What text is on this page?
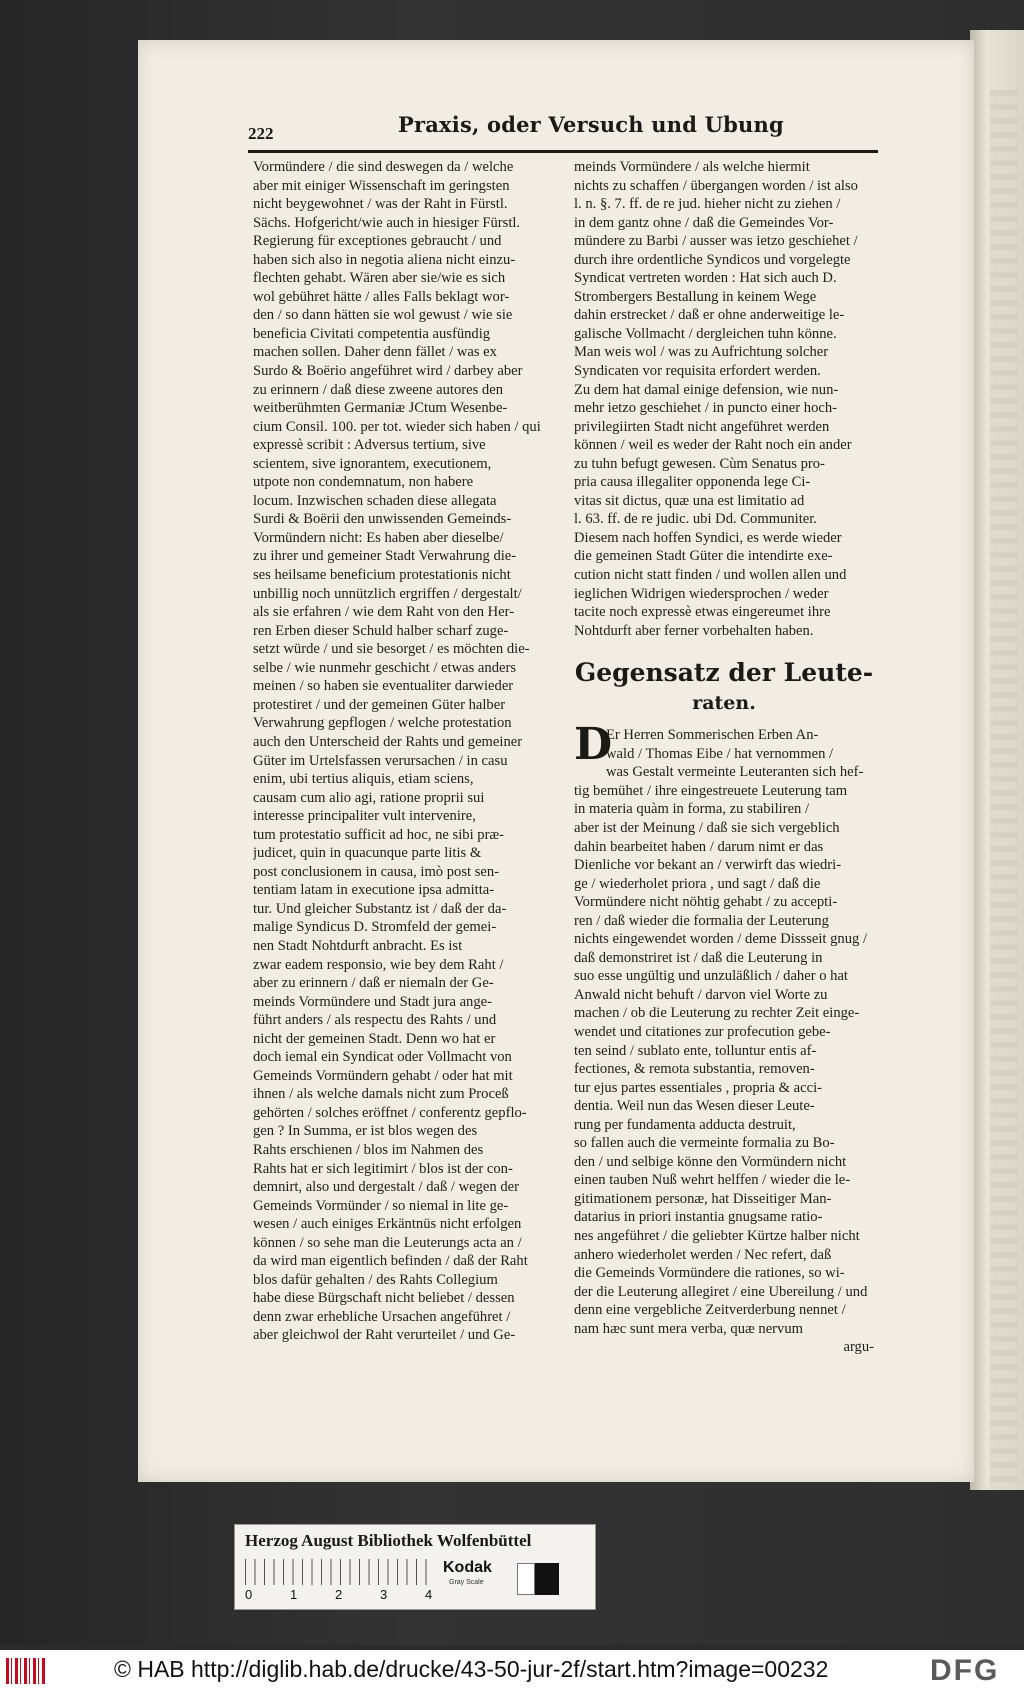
222	Praxis, oder Versuch und Ubung
Vormündere / die sind deswegen da / welche
aber mit einiger Wissenschaft im geringsten
nicht beygewohnet / was der Raht in Fürstl.
Sächs. Hofgericht/wie auch in hiesiger Fürstl.
Regierung für exceptiones gebraucht / und
haben sich also in negotia aliena nicht einzu-
flechten gehabt. Wären aber sie/wie es sich
wol gebühret hätte / alles Falls beklagt wor-
den / so dann hätten sie wol gewust / wie sie
beneficia Civitati competentia ausfündig
machen sollen. Daher denn fället / was ex
Surdo & Boërio angeführet wird / darbey aber
zu erinnern / daß diese zweene autores den
weitberühmten Germaniæ JCtum Wesenbe-
cium Consil. 100. per tot. wieder sich haben / qui
expressè scribit : Adversus tertium, sive
scientem, sive ignorantem, executionem,
utpote non condemnatum, non habere
locum. Inzwischen schaden diese allegata
Surdi & Boërii den unwissenden Gemeinds-
Vormündern nicht: Es haben aber dieselbe/
zu ihrer und gemeiner Stadt Verwahrung die-
ses heilsame beneficium protestationis nicht
unbillig noch unnützlich ergriffen / dergestalt/
als sie erfahren / wie dem Raht von den Her-
ren Erben dieser Schuld halber scharf zuge-
setzt würde / und sie besorget / es möchten die-
selbe / wie nunmehr geschicht / etwas anders
meinen / so haben sie eventualiter darwieder
protestiret / und der gemeinen Güter halber
Verwahrung gepflogen / welche protestation
auch den Unterscheid der Rahts und gemeiner
Güter im Urtelsfassen verursachen / in casu
enim, ubi tertius aliquis, etiam sciens,
causam cum alio agi, ratione proprii sui
interesse principaliter vult intervenire,
tum protestatio sufficit ad hoc, ne sibi præ-
judicet, quin in quacunque parte litis &
post conclusionem in causa, imò post sen-
tentiam latam in executione ipsa admitta-
tur. Und gleicher Substantz ist / daß der da-
malige Syndicus D. Stromfeld der gemei-
nen Stadt Nohtdurft anbracht. Es ist
zwar eadem responsio, wie bey dem Raht /
aber zu erinnern / daß er niemaln der Ge-
meinds Vormündere und Stadt jura ange-
führt anders / als respectu des Rahts / und
nicht der gemeinen Stadt. Denn wo hat er
doch iemal ein Syndicat oder Vollmacht von
Gemeinds Vormündern gehabt / oder hat mit
ihnen / als welche damals nicht zum Proceß
gehörten / solches eröffnet / conferentz gepflo-
gen ? In Summa, er ist blos wegen des
Rahts erschienen / blos im Nahmen des
Rahts hat er sich legitimirt / blos ist der con-
demnirt, also und dergestalt / daß / wegen der
Gemeinds Vormünder / so niemal in lite ge-
wesen / auch einiges Erkäntnüs nicht erfolgen
können / so sehe man die Leuterungs acta an /
da wird man eigentlich befinden / daß der Raht
blos dafür gehalten / des Rahts Collegium
habe diese Bürgschaft nicht beliebet / dessen
denn zwar erhebliche Ursachen angeführet /
aber gleichwol der Raht verurteilet / und Ge-
meinds Vormündere / als welche hiermit
nichts zu schaffen / übergangen worden / ist also
l. n. §. 7. ff. de re jud. hieher nicht zu ziehen /
in dem gantz ohne / daß die Gemeindes Vor-
mündere zu Barbi / ausser was ietzo geschiehet /
durch ihre ordentliche Syndicos und vorgelegte
Syndicat vertreten worden : Hat sich auch D.
Strombergers Bestallung in keinem Wege
dahin erstrecket / daß er ohne anderweitige le-
galische Vollmacht / dergleichen tuhn könne.
Man weis wol / was zu Aufrichtung solcher
Syndicaten vor requisita erfordert werden.
Zu dem hat damal einige defension, wie nun-
mehr ietzo geschiehet / in puncto einer hoch-
privilegiirten Stadt nicht angeführet werden
können / weil es weder der Raht noch ein ander
zu tuhn befugt gewesen. Cùm Senatus pro-
pria causa illegaliter opponenda lege Ci-
vitas sit dictus, quæ una est limitatio ad
l. 63. ff. de re judic. ubi Dd. Communiter.
Diesem nach hoffen Syndici, es werde wieder
die gemeinen Stadt Güter die intendirte exe-
cution nicht statt finden / und wollen allen und
ieglichen Widrigen wiedersprochen / weder
tacite noch expressè etwas eingereumet ihre
Nohtdurft aber ferner vorbehalten haben.
Gegensatz der Leute-
raten.
D
Er Herren Sommerischen Erben An-
wald / Thomas Eibe / hat vernommen /
was Gestalt vermeinte Leuteranten sich hef-
tig bemühet / ihre eingestreuete Leuterung tam
in materia quàm in forma, zu stabiliren /
aber ist der Meinung / daß sie sich vergeblich
dahin bearbeitet haben / darum nimt er das
Dienliche vor bekant an / verwirft das wiedri-
ge / wiederholet priora , und sagt / daß die
Vormündere nicht nöhtig gehabt / zu accepti-
ren / daß wieder die formalia der Leuterung
nichts eingewendet worden / deme Dissseit gnug /
daß demonstriret ist / daß die Leuterung in
suo esse ungültig und unzuläßlich / daher o hat
Anwald nicht behuft / darvon viel Worte zu
machen / ob die Leuterung zu rechter Zeit einge-
wendet und citationes zur profecution gebe-
ten seind / sublato ente, tolluntur entis af-
fectiones, & remota substantia, removen-
tur ejus partes essentiales , propria & acci-
dentia. Weil nun das Wesen dieser Leute-
rung per fundamenta adducta destruit,
so fallen auch die vermeinte formalia zu Bo-
den / und selbige könne den Vormündern nicht
einen tauben Nuß wehrt helffen / wieder die le-
gitimationem personæ, hat Disseitiger Man-
datarius in priori instantia gnugsame ratio-
nes angeführet / die geliebter Kürtze halber nicht
anhero wiederholet werden / Nec refert, daß
die Gemeinds Vormündere die rationes, so wi-
der die Leuterung allegiret / eine Ubereilung / und
denn eine vergebliche Zeitverderbung nennet /
nam hæc sunt mera verba, quæ nervum
argu-
Herzog August Bibliothek Wolfenbüttel
0	1	2	3	4
Kodak
Gray Scale
© HAB http://diglib.hab.de/drucke/43-50-jur-2f/start.htm?image=00232	DFG
